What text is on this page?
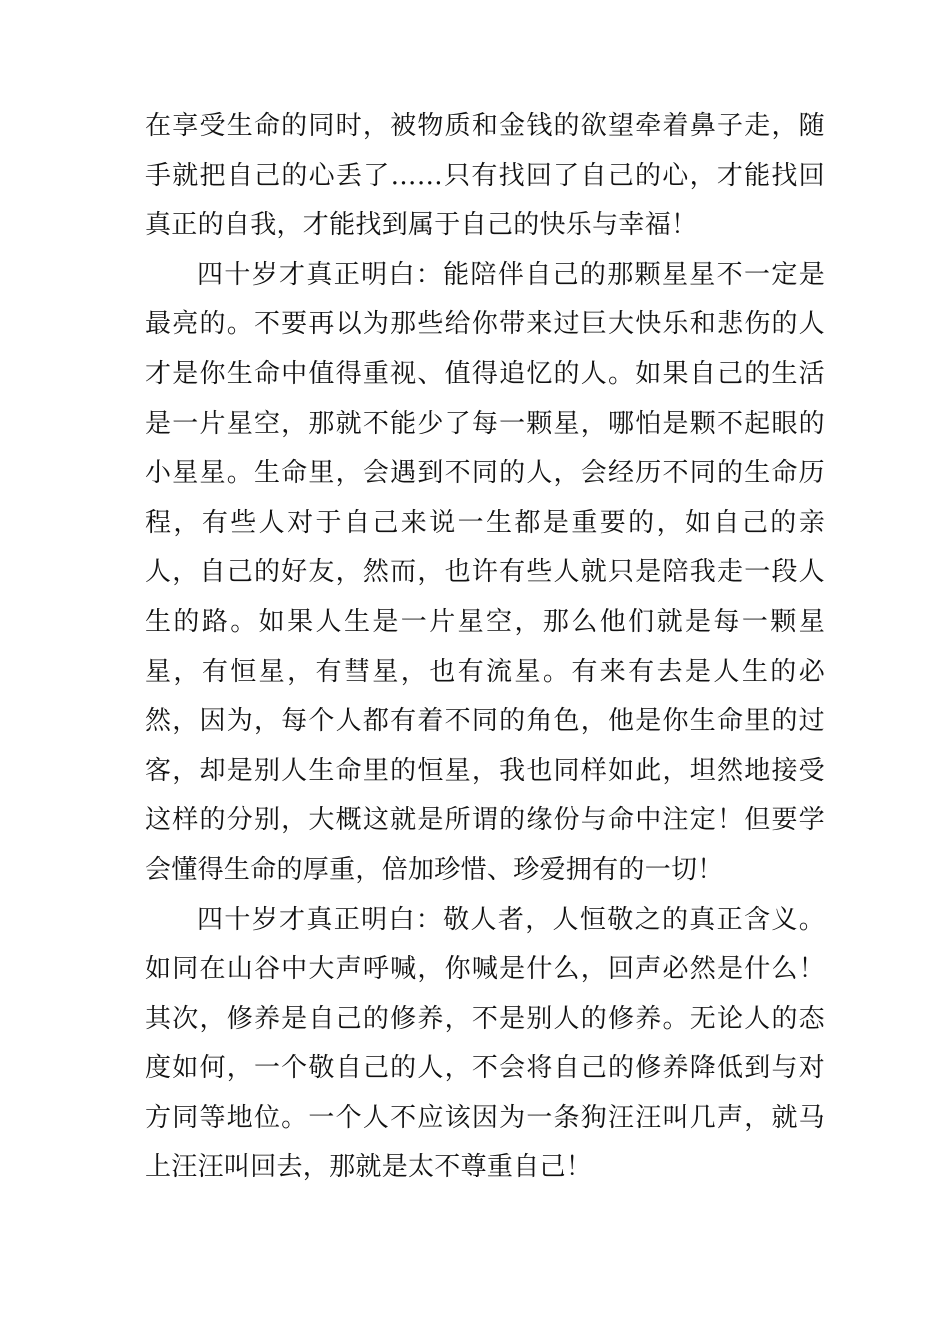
在享受生命的同时，被物质和金钱的欲望牵着鼻子走，随手就把自己的心丢了……只有找回了自己的心，才能找回真正的自我，才能找到属于自己的快乐与幸福！

四十岁才真正明白：能陪伴自己的那颗星星不一定是最亮的。不要再以为那些给你带来过巨大快乐和悲伤的人才是你生命中值得重视、值得追忆的人。如果自己的生活是一片星空，那就不能少了每一颗星，哪怕是颗不起眼的小星星。生命里，会遇到不同的人，会经历不同的生命历程，有些人对于自己来说一生都是重要的，如自己的亲人，自己的好友，然而，也许有些人就只是陪我走一段人生的路。如果人生是一片星空，那么他们就是每一颗星星，有恒星，有彗星，也有流星。有来有去是人生的必然，因为，每个人都有着不同的角色，他是你生命里的过客，却是别人生命里的恒星，我也同样如此，坦然地接受这样的分别，大概这就是所谓的缘份与命中注定！但要学会懂得生命的厚重，倍加珍惜、珍爱拥有的一切！

四十岁才真正明白：敬人者，人恒敬之的真正含义。如同在山谷中大声呼喊，你喊是什么，回声必然是什么！其次，修养是自己的修养，不是别人的修养。无论人的态度如何，一个敬自己的人，不会将自己的修养降低到与对方同等地位。一个人不应该因为一条狗汪汪叫几声，就马上汪汪叫回去，那就是太不尊重自己！
